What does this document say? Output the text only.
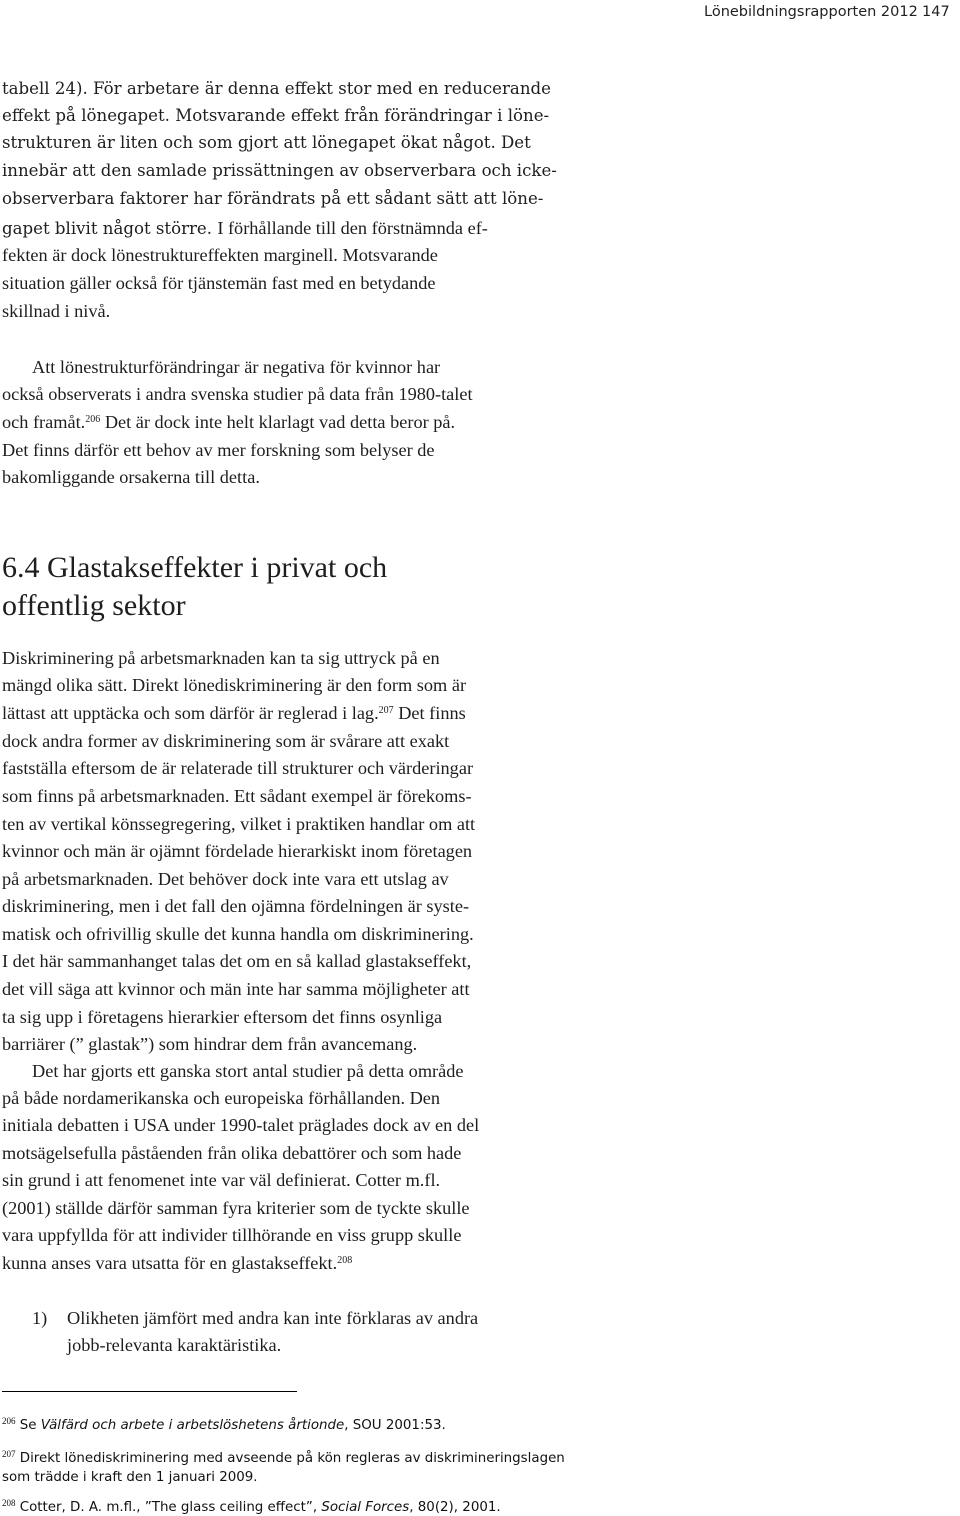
Lönebildningsrapporten 2012 147
tabell 24). För arbetare är denna effekt stor med en reducerande
effekt på lönegapet. Motsvarande effekt från förändringar i löne-
strukturen är liten och som gjort att lönegapet ökat något. Det
innebär att den samlade prissättningen av observerbara och icke-
observerbara faktorer har förändrats på ett sådant sätt att löne-
gapet blivit något större. I förhållande till den förstnämnda ef-
fekten är dock lönestruktureffekten marginell. Motsvarande
situation gäller också för tjänstemän fast med en betydande
skillnad i nivå.
Att lönestrukturförändringar är negativa för kvinnor har
också observerats i andra svenska studier på data från 1980-talet
och framåt.$^{206}$ Det är dock inte helt klarlagt vad detta beror på.
Det finns därför ett behov av mer forskning som belyser de
bakomliggande orsakerna till detta.
6.4 Glastakseffekter i privat och
offentlig sektor
Diskriminering på arbetsmarknaden kan ta sig uttryck på en
mängd olika sätt. Direkt lönediskriminering är den form som är
lättast att upptäcka och som därför är reglerad i lag.$^{207}$ Det finns
dock andra former av diskriminering som är svårare att exakt
fastställa eftersom de är relaterade till strukturer och värderingar
som finns på arbetsmarknaden. Ett sådant exempel är förekoms-
ten av vertikal könssegregering, vilket i praktiken handlar om att
kvinnor och män är ojämnt fördelade hierarkiskt inom företagen
på arbetsmarknaden. Det behöver dock inte vara ett utslag av
diskriminering, men i det fall den ojämna fördelningen är syste-
matisk och ofrivillig skulle det kunna handla om diskriminering.
I det här sammanhanget talas det om en så kallad glastakseffekt,
det vill säga att kvinnor och män inte har samma möjligheter att
ta sig upp i företagens hierarkier eftersom det finns osynliga
barriärer (” glastak”) som hindrar dem från avancemang.
Det har gjorts ett ganska stort antal studier på detta område
på både nordamerikanska och europeiska förhållanden. Den
initiala debatten i USA under 1990-talet präglades dock av en del
motsägelsefulla påståenden från olika debattörer och som hade
sin grund i att fenomenet inte var väl definierat. Cotter m.fl.
(2001) ställde därför samman fyra kriterier som de tyckte skulle
vara uppfyllda för att individer tillhörande en viss grupp skulle
kunna anses vara utsatta för en glastakseffekt.$^{208}$
1) Olikheten jämfört med andra kan inte förklaras av andra
jobb-relevanta karaktäristika.
$^{206}$ Se Välfärd och arbete i arbetslöshetens årtionde, SOU 2001:53.
$^{207}$ Direkt lönediskriminering med avseende på kön regleras av diskrimineringslagen
som trädde i kraft den 1 januari 2009.
$^{208}$ Cotter, D. A. m.fl., ”The glass ceiling effect”, Social Forces, 80(2), 2001.
